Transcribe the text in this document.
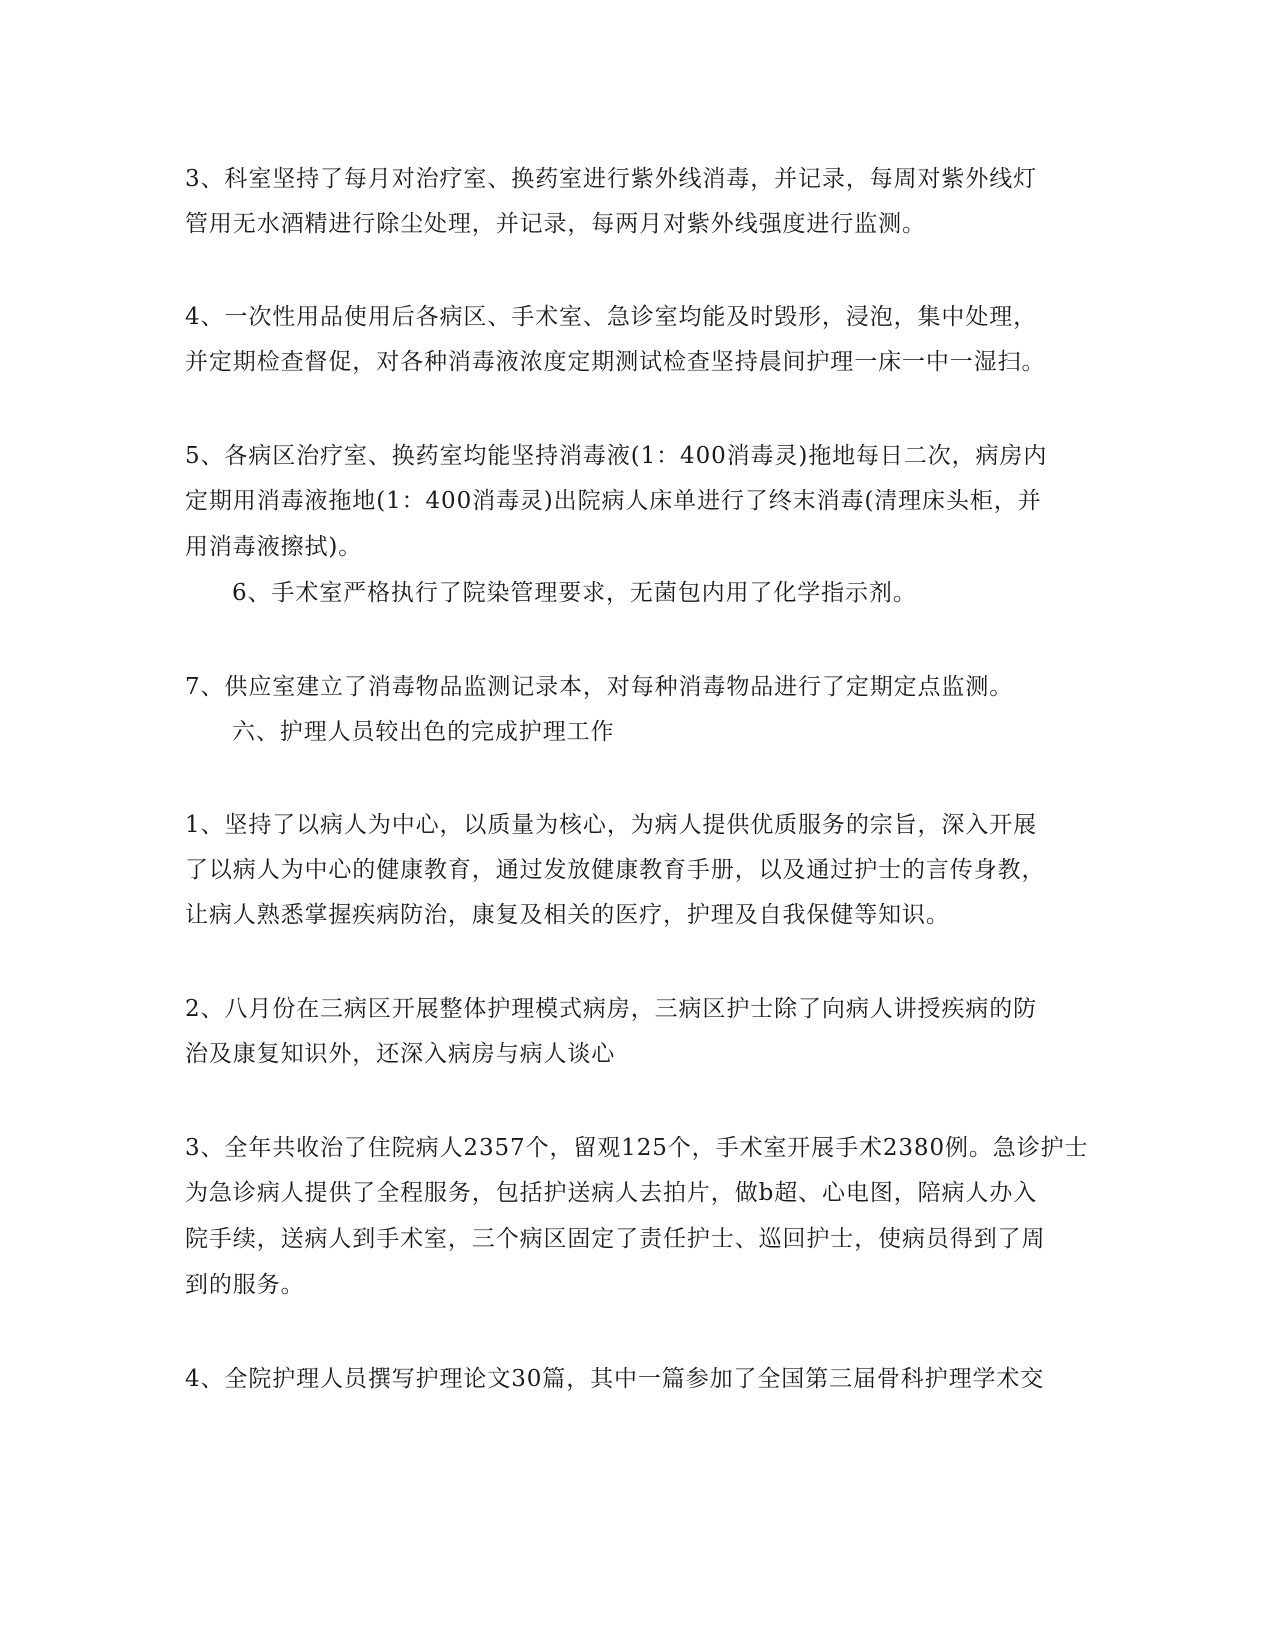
3、科室坚持了每月对治疗室、换药室进行紫外线消毒，并记录，每周对紫外线灯

管用无水酒精进行除尘处理，并记录，每两月对紫外线强度进行监测。

4、一次性用品使用后各病区、手术室、急诊室均能及时毁形，浸泡，集中处理，

并定期检查督促，对各种消毒液浓度定期测试检查坚持晨间护理一床一中一湿扫。

5、各病区治疗室、换药室均能坚持消毒液(1：400消毒灵)拖地每日二次，病房内

定期用消毒液拖地(1：400消毒灵)出院病人床单进行了终末消毒(清理床头柜，并

用消毒液擦拭)。

6、手术室严格执行了院染管理要求，无菌包内用了化学指示剂。

7、供应室建立了消毒物品监测记录本，对每种消毒物品进行了定期定点监测。

六、护理人员较出色的完成护理工作

1、坚持了以病人为中心，以质量为核心，为病人提供优质服务的宗旨，深入开展

了以病人为中心的健康教育，通过发放健康教育手册，以及通过护士的言传身教，

让病人熟悉掌握疾病防治，康复及相关的医疗，护理及自我保健等知识。

2、八月份在三病区开展整体护理模式病房，三病区护士除了向病人讲授疾病的防

治及康复知识外，还深入病房与病人谈心

3、全年共收治了住院病人2357个，留观125个，手术室开展手术2380例。急诊护士

为急诊病人提供了全程服务，包括护送病人去拍片，做b超、心电图，陪病人办入

院手续，送病人到手术室，三个病区固定了责任护士、巡回护士，使病员得到了周

到的服务。

4、全院护理人员撰写护理论文30篇，其中一篇参加了全国第三届骨科护理学术交
